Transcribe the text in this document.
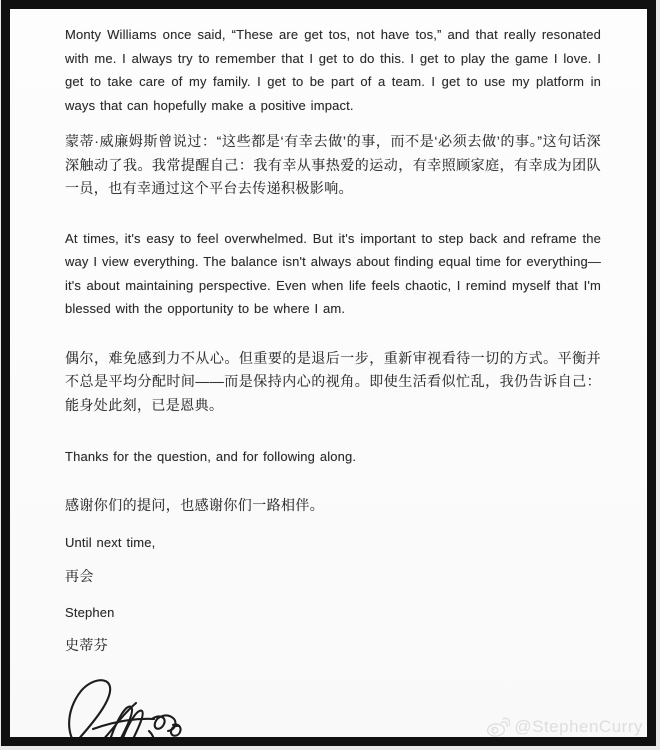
Monty Williams once said, “These are get tos, not have tos,” and that really resonated with me. I always try to remember that I get to do this. I get to play the game I love. I get to take care of my family. I get to be part of a team. I get to use my platform in ways that can hopefully make a positive impact.

蒙蒂·威廉姆斯曾说过：“这些都是‘有幸去做’的事，而不是‘必须去做’的事。”这句话深深触动了我。我常提醒自己：我有幸从事热爱的运动，有幸照顾家庭，有幸成为团队一员，也有幸通过这个平台去传递积极影响。

At times, it's easy to feel overwhelmed. But it's important to step back and reframe the way I view everything. The balance isn't always about finding equal time for everything—it's about maintaining perspective. Even when life feels chaotic, I remind myself that I'm blessed with the opportunity to be where I am.

偶尔，难免感到力不从心。但重要的是退后一步，重新审视看待一切的方式。平衡并不总是平均分配时间——而是保持内心的视角。即使生活看似忙乱，我仍告诉自己：能身处此刻，已是恩典。

Thanks for the question, and for following along.

感谢你们的提问，也感谢你们一路相伴。

Until next time,

再会

Stephen

史蒂芬

@StephenCurry
